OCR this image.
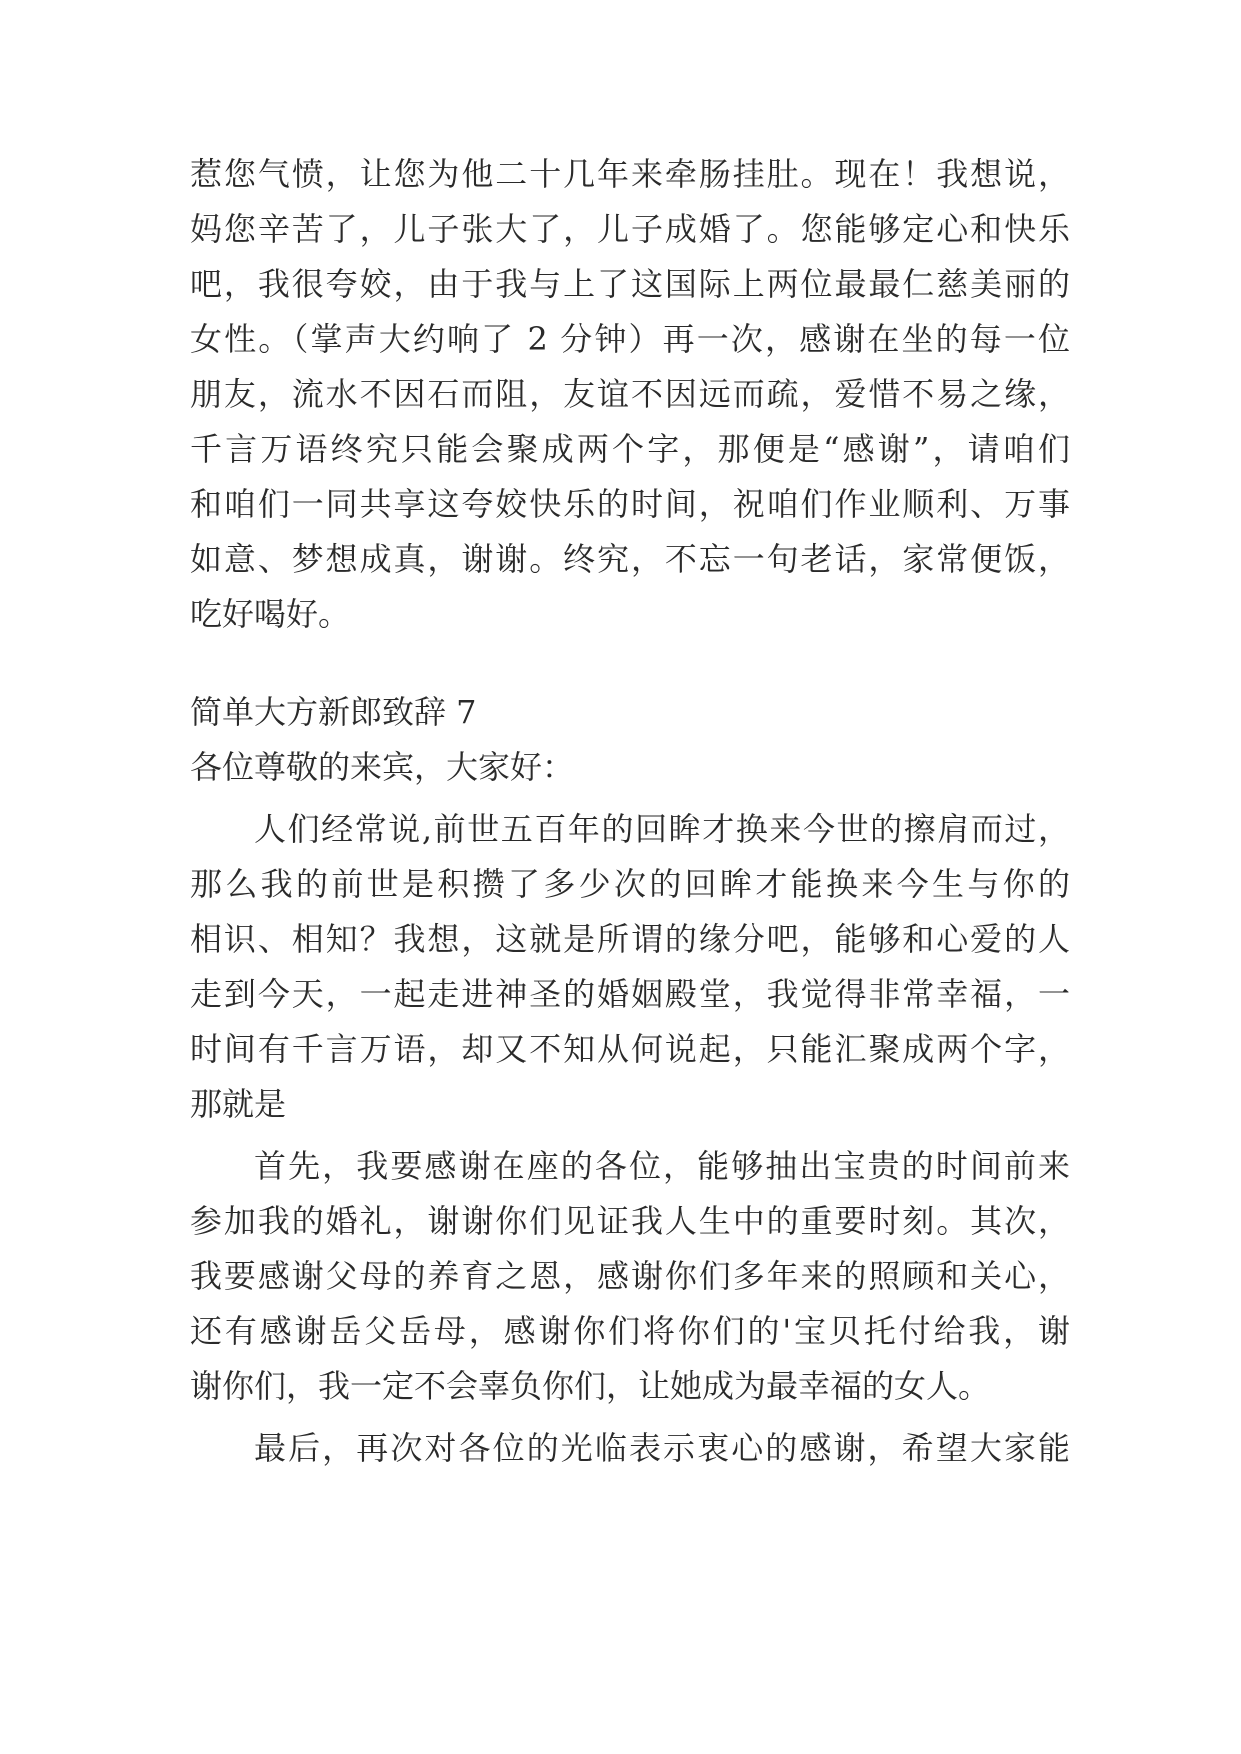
惹您气愤，让您为他二十几年来牵肠挂肚。现在！我想说，
妈您辛苦了，儿子张大了，儿子成婚了。您能够定心和快乐
吧，我很夸姣，由于我与上了这国际上两位最最仁慈美丽的
女性。（掌声大约响了 2 分钟）再一次，感谢在坐的每一位
朋友，流水不因石而阻，友谊不因远而疏，爱惜不易之缘，
千言万语终究只能会聚成两个字，那便是“感谢”，请咱们
和咱们一同共享这夸姣快乐的时间，祝咱们作业顺利、万事
如意、梦想成真，谢谢。终究，不忘一句老话，家常便饭，
吃好喝好。
简单大方新郎致辞 7
各位尊敬的来宾，大家好：
人们经常说,前世五百年的回眸才换来今世的擦肩而过，
那么我的前世是积攒了多少次的回眸才能换来今生与你的
相识、相知？我想，这就是所谓的缘分吧，能够和心爱的人
走到今天，一起走进神圣的婚姻殿堂，我觉得非常幸福，一
时间有千言万语，却又不知从何说起，只能汇聚成两个字，
那就是
首先，我要感谢在座的各位，能够抽出宝贵的时间前来
参加我的婚礼，谢谢你们见证我人生中的重要时刻。其次，
我要感谢父母的养育之恩，感谢你们多年来的照顾和关心，
还有感谢岳父岳母，感谢你们将你们的'宝贝托付给我，谢
谢你们，我一定不会辜负你们，让她成为最幸福的女人。
最后，再次对各位的光临表示衷心的感谢，希望大家能
